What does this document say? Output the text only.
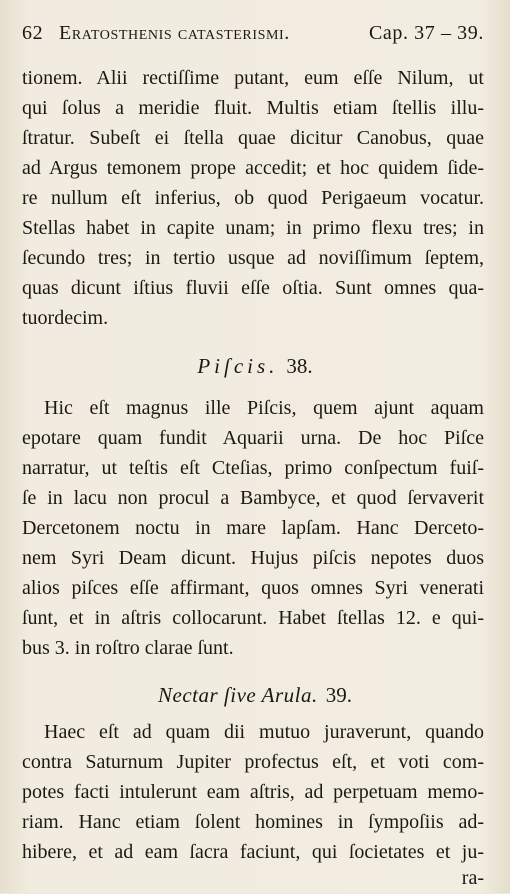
62 Eratosthenis catasterismi.	Cap. 37 – 39.
tionem. Alii rectiſſime putant, eum eſſe Nilum, ut
qui ſolus a meridie fluit. Multis etiam ſtellis illu-
ſtratur. Subeſt ei ſtella quae dicitur Canobus, quae
ad Argus temonem prope accedit; et hoc quidem ſide-
re nullum eſt inferius, ob quod Perigaeum vocatur.
Stellas habet in capite unam; in primo flexu tres; in
ſecundo tres; in tertio usque ad noviſſimum ſeptem,
quas dicunt iſtius fluvii eſſe oſtia. Sunt omnes qua-
tuordecim.
Piſcis. 38.
Hic eſt magnus ille Piſcis, quem ajunt aquam
epotare quam fundit Aquarii urna. De hoc Piſce
narratur, ut teſtis eſt Cteſias, primo conſpectum fuiſ-
ſe in lacu non procul a Bambyce, et quod ſervaverit
Dercetonem noctu in mare lapſam. Hanc Derceto-
nem Syri Deam dicunt. Hujus piſcis nepotes duos
alios piſces eſſe affirmant, quos omnes Syri venerati
ſunt, et in aſtris collocarunt. Habet ſtellas 12. e qui-
bus 3. in roſtro clarae ſunt.
Nectar ſive Arula. 39.
Haec eſt ad quam dii mutuo juraverunt, quando
contra Saturnum Jupiter profectus eſt, et voti com-
potes facti intulerunt eam aſtris, ad perpetuam memo-
riam. Hanc etiam ſolent homines in ſympoſiis ad-
hibere, et ad eam ſacra faciunt, qui ſocietates et ju-
ra-
